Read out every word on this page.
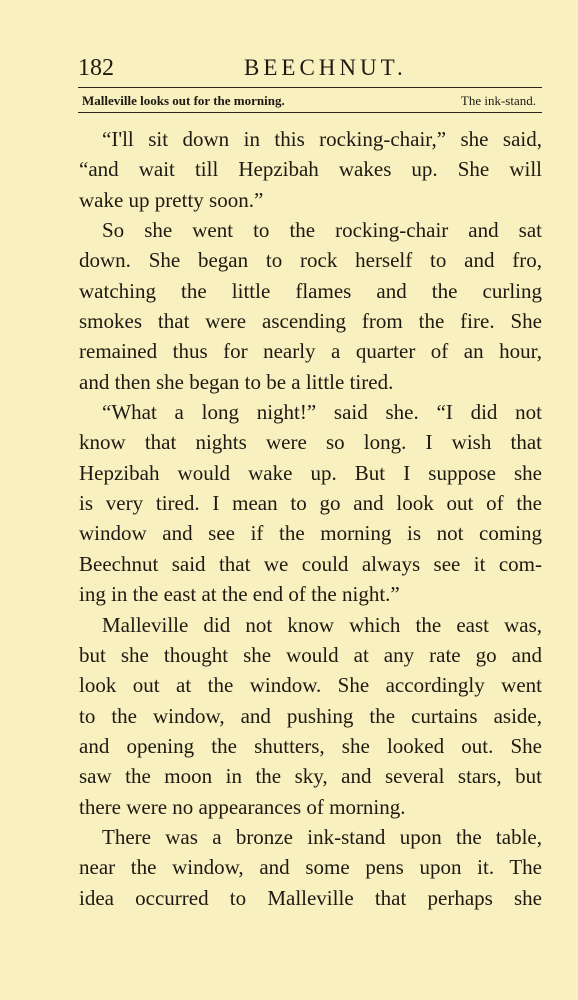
182	BEECHNUT.
Malleville looks out for the morning.	The ink-stand.
“I'll sit down in this rocking-chair,” she said,
“and wait till Hepzibah wakes up. She will
wake up pretty soon.”
So she went to the rocking-chair and sat
down. She began to rock herself to and fro,
watching the little flames and the curling
smokes that were ascending from the fire. She
remained thus for nearly a quarter of an hour,
and then she began to be a little tired.
“What a long night!” said she. “I did not
know that nights were so long. I wish that
Hepzibah would wake up. But I suppose she
is very tired. I mean to go and look out of the
window and see if the morning is not coming
Beechnut said that we could always see it com-
ing in the east at the end of the night.”
Malleville did not know which the east was,
but she thought she would at any rate go and
look out at the window. She accordingly went
to the window, and pushing the curtains aside,
and opening the shutters, she looked out. She
saw the moon in the sky, and several stars, but
there were no appearances of morning.
There was a bronze ink-stand upon the table,
near the window, and some pens upon it. The
idea occurred to Malleville that perhaps she
